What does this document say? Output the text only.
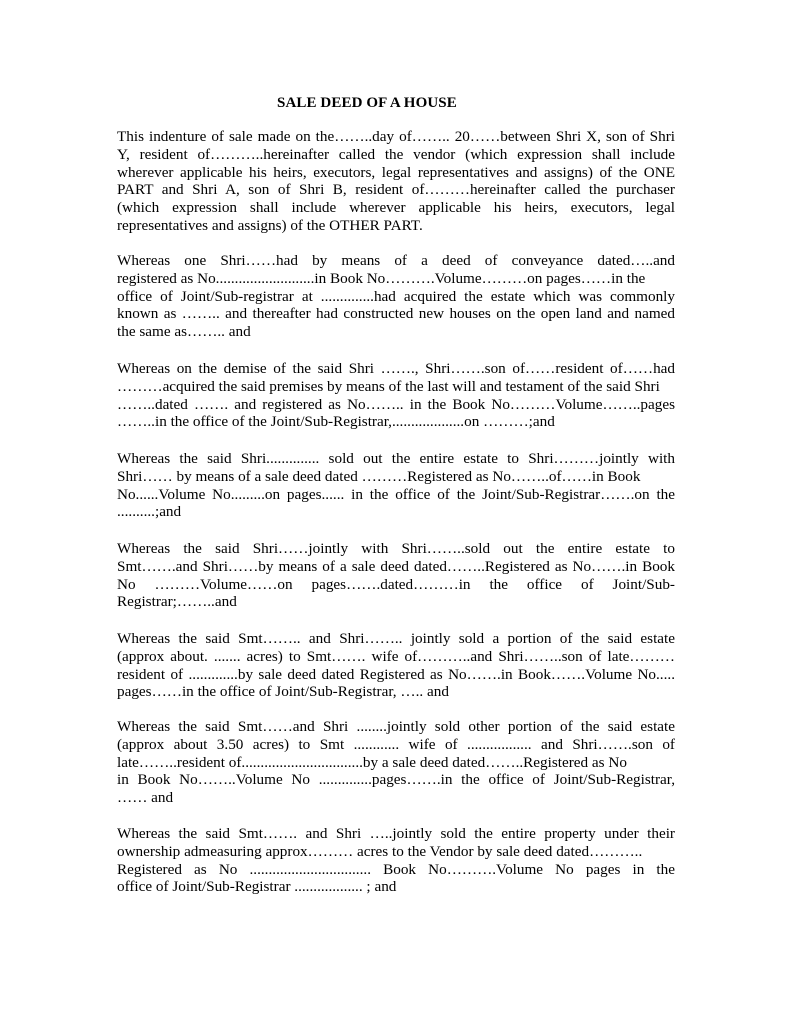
SALE DEED OF A HOUSE
This indenture of sale made on the……..day of…….. 20……between Shri X, son of Shri
Y, resident of………..hereinafter called the vendor (which expression shall include
wherever applicable his heirs, executors, legal representatives and assigns) of the ONE
PART and Shri A, son of Shri B, resident of………hereinafter called the purchaser
(which expression shall include wherever applicable his heirs, executors, legal
representatives and assigns) of the OTHER PART.
Whereas one Shri……had by means of a deed of conveyance dated…..and
registered as No..........................in Book No……….Volume………on pages……in the
office of Joint/Sub-registrar at ..............had acquired the estate which was commonly
known as …….. and thereafter had constructed new houses on the open land and named
the same as…….. and
Whereas on the demise of the said Shri ……., Shri…….son of……resident of……had
………acquired the said premises by means of the last will and testament of the said Shri
……..dated ……. and registered as No…….. in the Book No………Volume……..pages
……..in the office of the Joint/Sub-Registrar,...................on ………;and
Whereas the said Shri.............. sold out the entire estate to Shri………jointly with
Shri…… by means of a sale deed dated ………Registered as No……..of……in Book
No......Volume No.........on pages...... in the office of the Joint/Sub-Registrar…….on the
..........;and
Whereas the said Shri……jointly with Shri……..sold out the entire estate to
Smt…….and Shri……by means of a sale deed dated……..Registered as No…….in Book
No ………Volume……on pages…….dated………in the office of Joint/Sub-
Registrar;……..and
Whereas the said Smt…….. and Shri…….. jointly sold a portion of the said estate
(approx about. ....... acres) to Smt……. wife of………..and Shri……..son of late………
resident of .............by sale deed dated Registered as No…….in Book…….Volume No.....
pages……in the office of Joint/Sub-Registrar, ….. and
Whereas the said Smt……and Shri ........jointly sold other portion of the said estate
(approx about 3.50 acres) to Smt ............ wife of ................. and Shri…….son of
late……..resident of................................by a sale deed dated……..Registered as No
in Book No……..Volume No ..............pages…….in the office of Joint/Sub-Registrar,
…… and
Whereas the said Smt……. and Shri …..jointly sold the entire property under their
ownership admeasuring approx……… acres to the Vendor by sale deed dated………..
Registered as No ................................ Book No……….Volume No pages in the
office of Joint/Sub-Registrar .................. ; and
